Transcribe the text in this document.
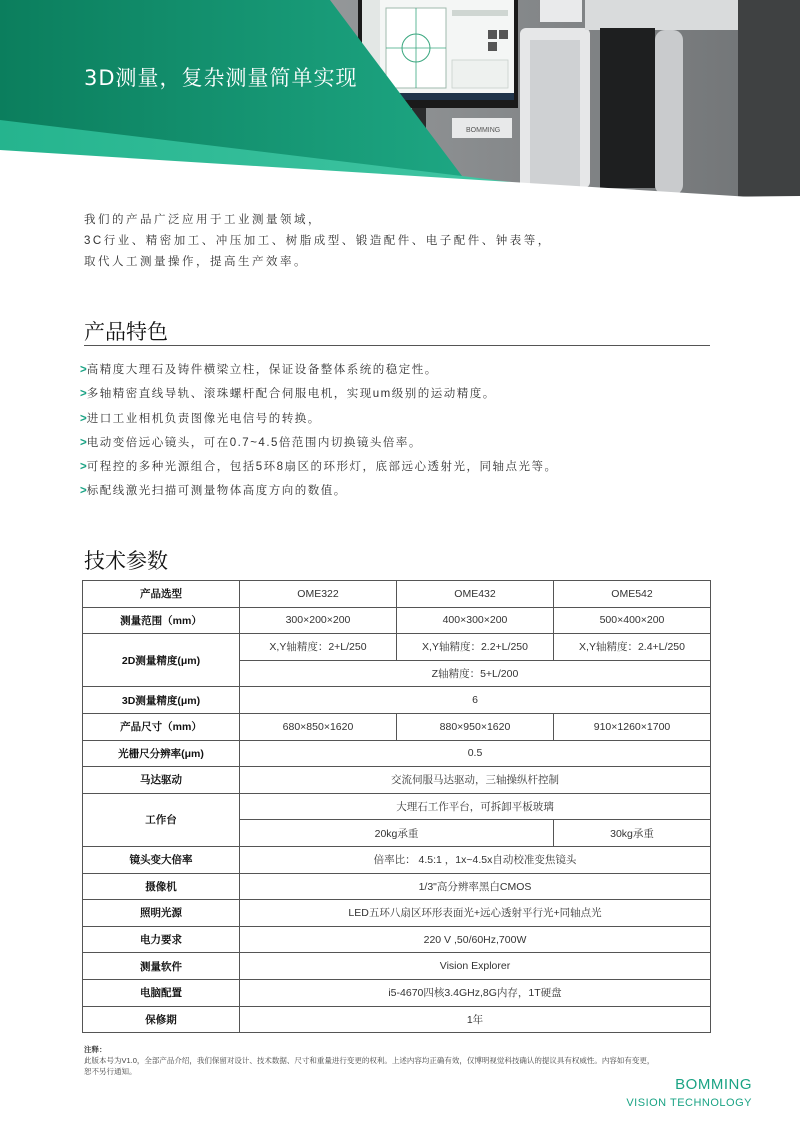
BOMMING
3D测量，复杂测量简单实现

我们的产品广泛应用于工业测量领域，

3C行业、精密加工、冲压加工、树脂成型、锻造配件、电子配件、钟表等，

取代人工测量操作，提高生产效率。

产品特色
>高精度大理石及铸件横梁立柱，保证设备整体系统的稳定性。
>多轴精密直线导轨、滚珠螺杆配合伺服电机，实现um级别的运动精度。
>进口工业相机负责图像光电信号的转换。
>电动变倍远心镜头，可在0.7~4.5倍范围内切换镜头倍率。
>可程控的多种光源组合，包括5环8扇区的环形灯，底部远心透射光，同轴点光等。
>标配线激光扫描可测量物体高度方向的数值。
技术参数
产品选型	OME322	OME432	OME542
测量范围（mm）	300×200×200	400×300×200	500×400×200
2D测量精度(μm)	X,Y轴精度：2+L/250	X,Y轴精度：2.2+L/250	X,Y轴精度：2.4+L/250
	Z轴精度：5+L/200		
3D测量精度(μm)	6		
产品尺寸（mm）	680×850×1620	880×950×1620	910×1260×1700
光栅尺分辨率(μm)	0.5		
马达驱动	交流伺服马达驱动，三轴操纵杆控制		
工作台	大理石工作平台，可拆卸平板玻璃		
	20kg承重		30kg承重
镜头变大倍率	倍率比： 4.5:1 ，1x~4.5x自动校准变焦镜头		
摄像机	1/3"高分辨率黑白CMOS		
照明光源	LED五环八扇区环形表面光+远心透射平行光+同轴点光		
电力要求	220 V ,50/60Hz,700W		
测量软件	Vision Explorer		
电脑配置	i5-4670四核3.4GHz,8G内存，1T硬盘		
保修期	1年		

注释：

此版本号为V1.0，全部产品介绍，我们保留对设计、技术数据、尺寸和重量进行变更的权利。上述内容均正确有效，仅博明视觉科技确认的提议具有权威性。内容如有变更，

恕不另行通知。

BOMMING
VISION TECHNOLOGY
